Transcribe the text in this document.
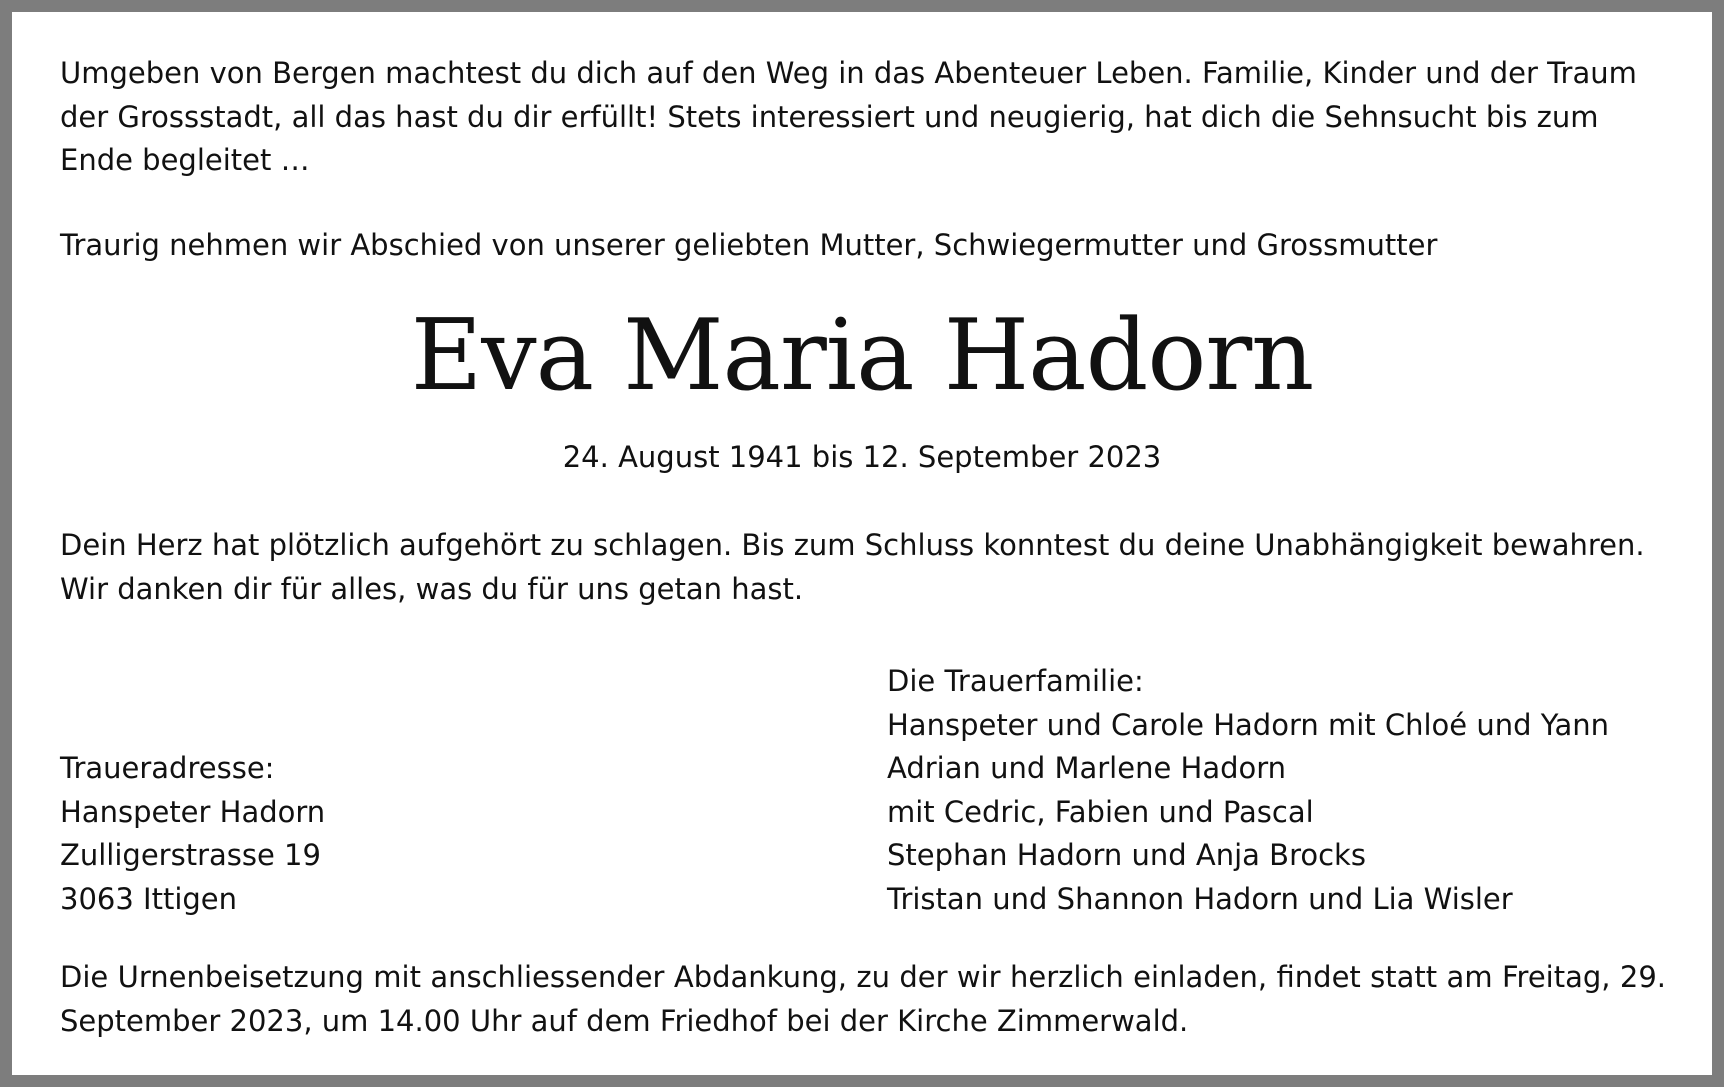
Umgeben von Bergen machtest du dich auf den Weg in das Abenteuer Leben. Familie, Kinder und der Traum der Grossstadt, all das hast du dir erfüllt! Stets interessiert und neugierig, hat dich die Sehnsucht bis zum Ende begleitet …

Traurig nehmen wir Abschied von unserer geliebten Mutter, Schwiegermutter und Grossmutter
Eva Maria Hadorn
24. August 1941 bis 12. September 2023

Dein Herz hat plötzlich aufgehört zu schlagen. Bis zum Schluss konntest du deine Unabhängigkeit bewahren. Wir danken dir für alles, was du für uns getan hast.

Traueradresse:
Hanspeter Hadorn
Zulligerstrasse 19
3063 Ittigen
Die Trauerfamilie:
Hanspeter und Carole Hadorn mit Chloé und Yann
Adrian und Marlene Hadorn
mit Cedric, Fabien und Pascal
Stephan Hadorn und Anja Brocks
Tristan und Shannon Hadorn und Lia Wisler

Die Urnenbeisetzung mit anschliessender Abdankung, zu der wir herzlich einladen, findet statt am Freitag, 29. September 2023, um 14.00 Uhr auf dem Friedhof bei der Kirche Zimmerwald.
